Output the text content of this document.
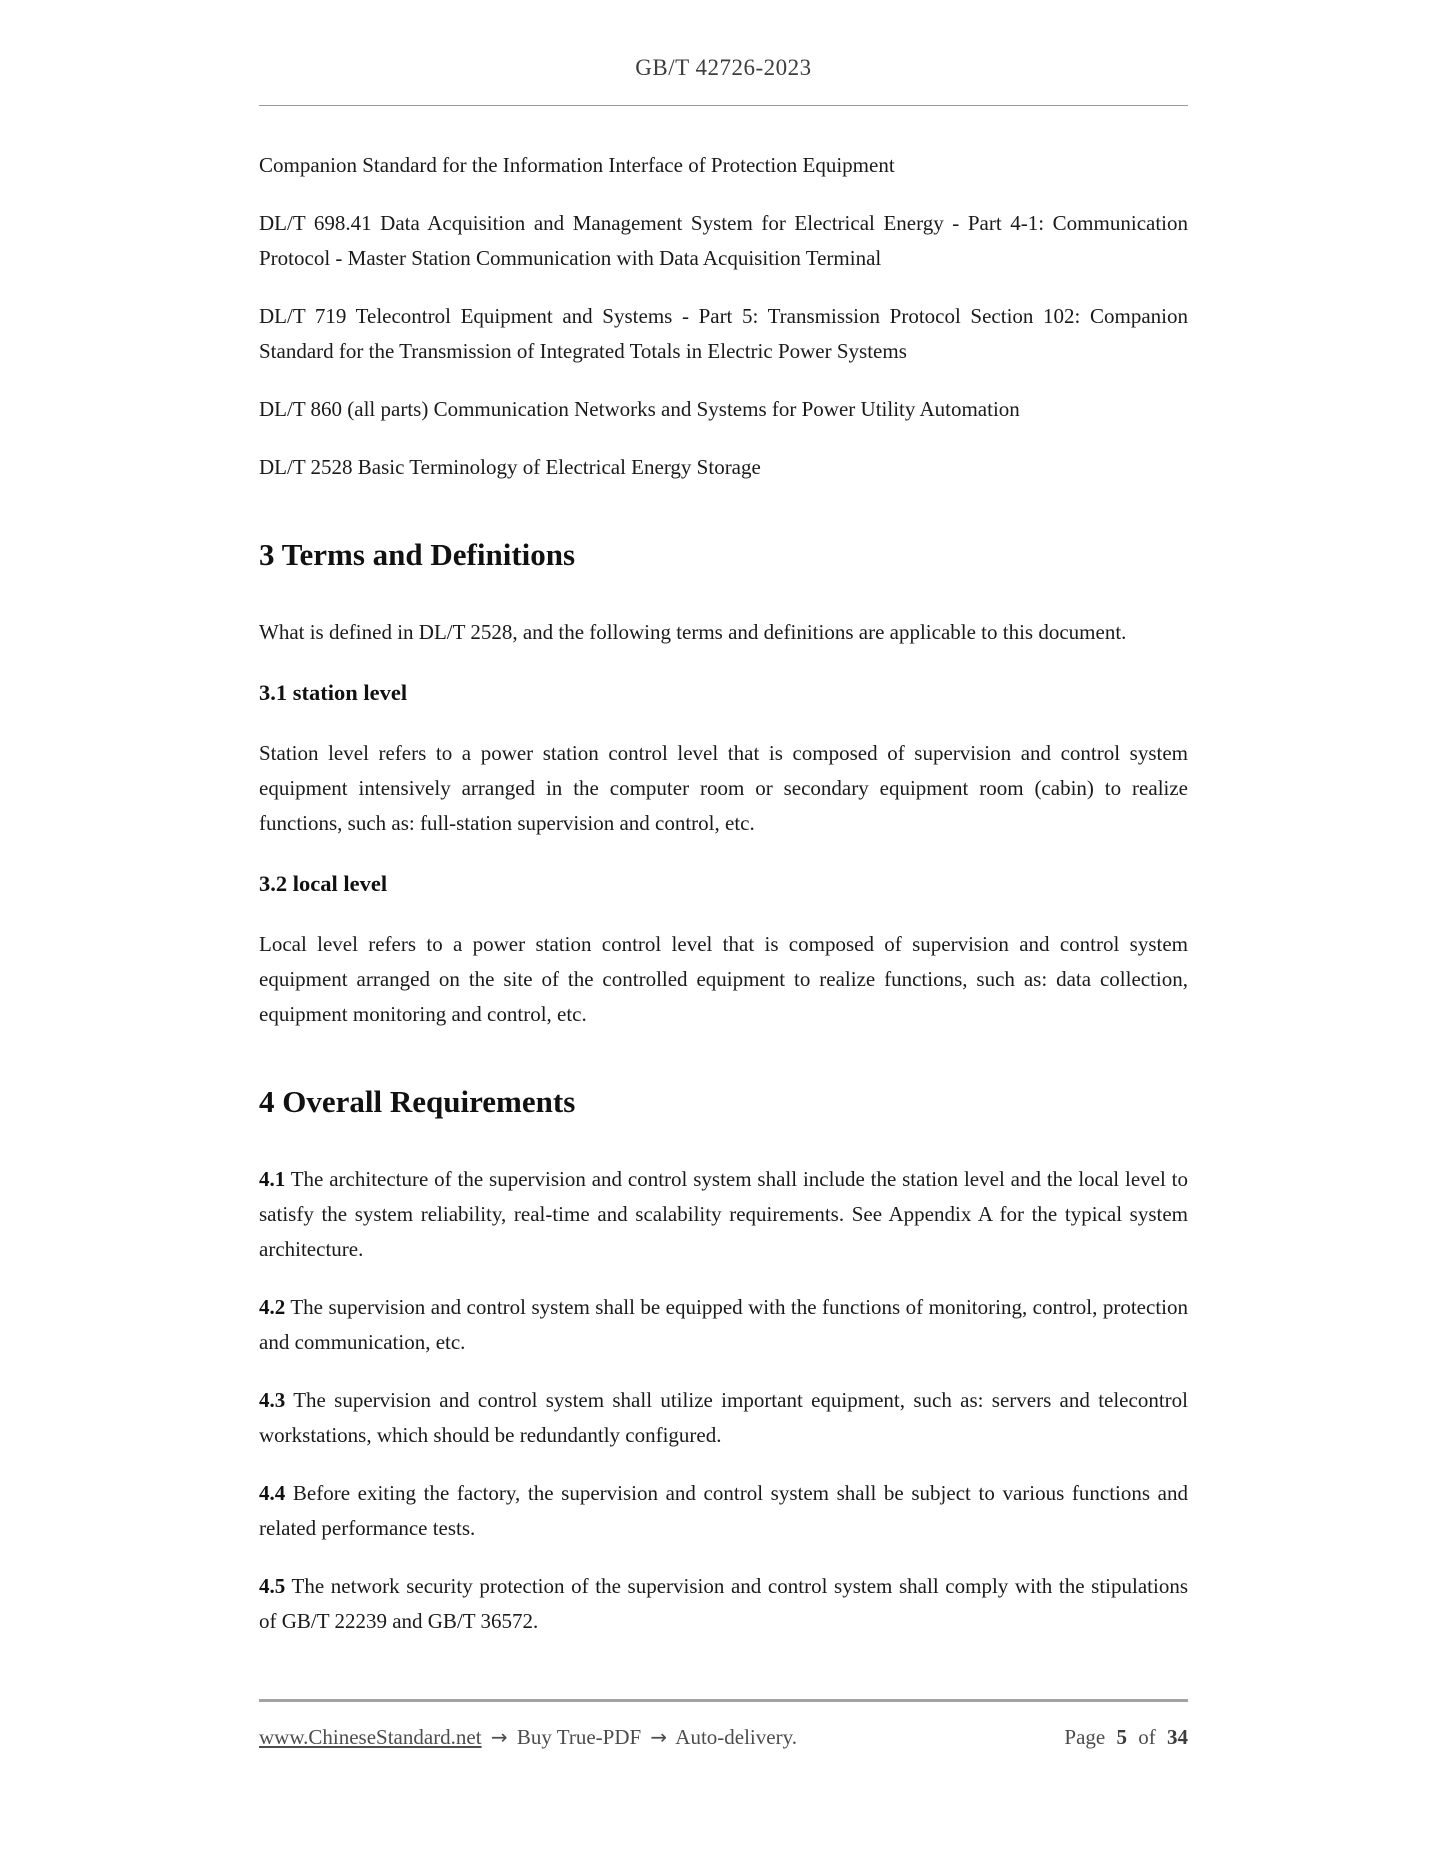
GB/T 42726-2023

Companion Standard for the Information Interface of Protection Equipment

DL/T 698.41 Data Acquisition and Management System for Electrical Energy - Part 4-1: Communication Protocol - Master Station Communication with Data Acquisition Terminal

DL/T 719 Telecontrol Equipment and Systems - Part 5: Transmission Protocol Section 102: Companion Standard for the Transmission of Integrated Totals in Electric Power Systems

DL/T 860 (all parts) Communication Networks and Systems for Power Utility Automation

DL/T 2528 Basic Terminology of Electrical Energy Storage

3 Terms and Definitions

What is defined in DL/T 2528, and the following terms and definitions are applicable to this document.

3.1 station level

Station level refers to a power station control level that is composed of supervision and control system equipment intensively arranged in the computer room or secondary equipment room (cabin) to realize functions, such as: full-station supervision and control, etc.

3.2 local level

Local level refers to a power station control level that is composed of supervision and control system equipment arranged on the site of the controlled equipment to realize functions, such as: data collection, equipment monitoring and control, etc.

4 Overall Requirements

4.1 The architecture of the supervision and control system shall include the station level and the local level to satisfy the system reliability, real-time and scalability requirements. See Appendix A for the typical system architecture.

4.2 The supervision and control system shall be equipped with the functions of monitoring, control, protection and communication, etc.

4.3 The supervision and control system shall utilize important equipment, such as: servers and telecontrol workstations, which should be redundantly configured.

4.4 Before exiting the factory, the supervision and control system shall be subject to various functions and related performance tests.

4.5 The network security protection of the supervision and control system shall comply with the stipulations of GB/T 22239 and GB/T 36572.

www.ChineseStandard.net → Buy True-PDF → Auto-delivery.	Page 5 of 34
